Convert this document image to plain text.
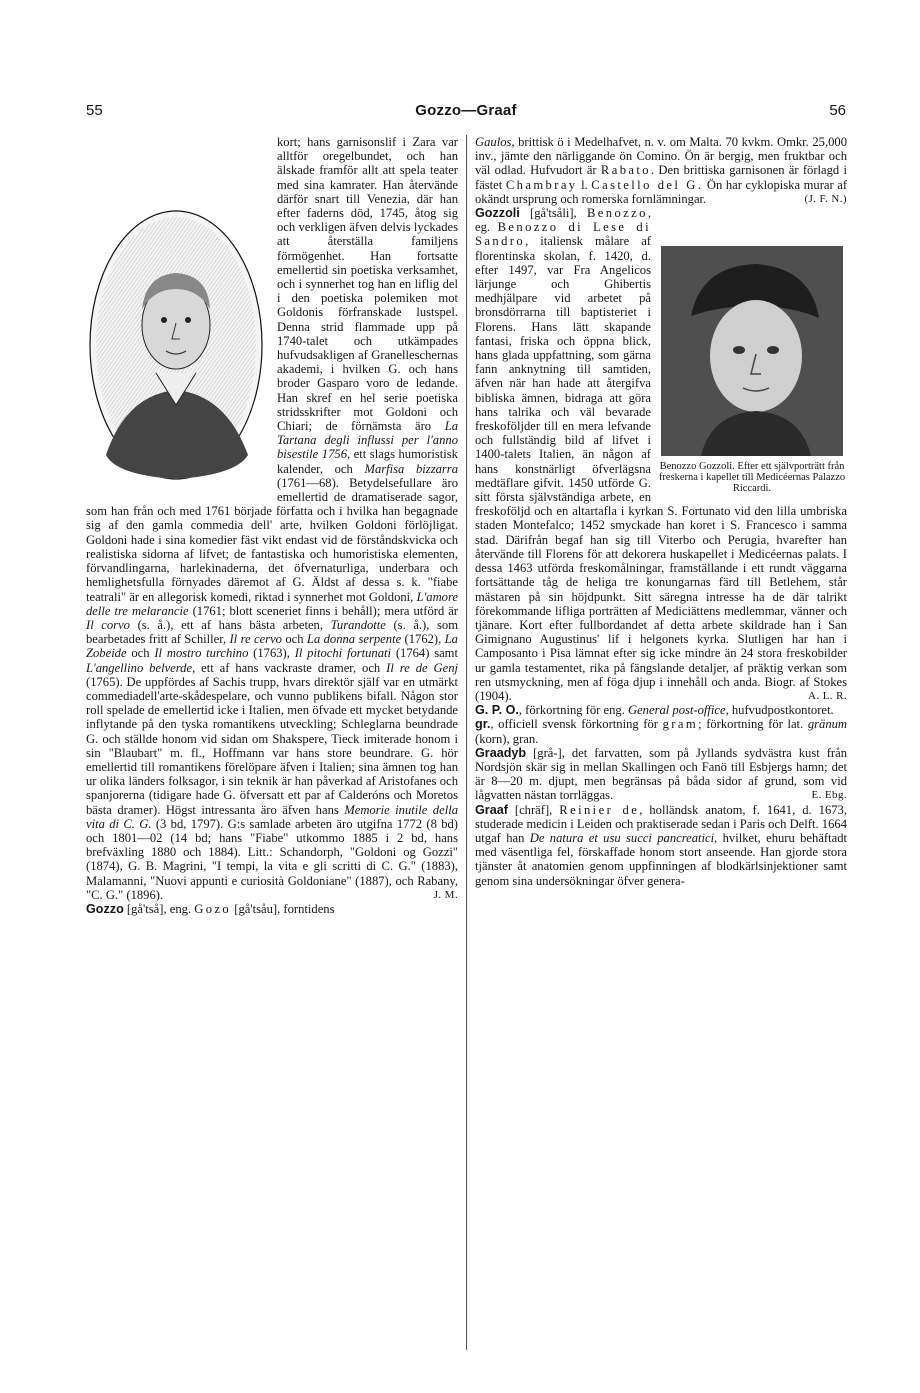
55	Gozzo—Graaf	56

kort; hans garnisonslif i Zara var alltför oregelbundet, och han älskade framför allt att spela teater med sina kamrater. Han återvände därför snart till Venezia, där han efter faderns död, 1745, åtog sig och verkligen äfven delvis lyckades att återställa familjens förmögenhet. Han fortsatte emellertid sin poetiska verksamhet, och i synnerhet tog han en liflig del i den poetiska polemiken mot Goldonis förfranskade lustspel. Denna strid flammade upp på 1740-talet och utkämpades hufvudsakligen af Granelleschernas akademi, i hvilken G. och hans broder Gasparo voro de ledande. Han skref en hel serie poetiska stridsskrifter mot Goldoni och Chiari; de förnämsta äro La Tartana degli influssi per l'anno bisestile 1756, ett slags humoristisk kalender, och Marfisa bizzarra (1761—68). Betydelsefullare äro emellertid de dramatiserade sagor, som han från och med 1761 började författa och i hvilka han begagnade sig af den gamla commedia dell' arte, hvilken Goldoni förlöjligat. Goldoni hade i sina komedier fäst vikt endast vid de förståndskvicka och realistiska sidorna af lifvet; de fantastiska och humoristiska elementen, förvandlingarna, harlekinaderna, det öfvernaturliga, underbara och hemlighetsfulla förnyades däremot af G. Äldst af dessa s. k. "fiabe teatrali" är en allegorisk komedi, riktad i synnerhet mot Goldoni, L'amore delle tre melarancie (1761; blott sceneriet finns i behåll); mera utförd är Il corvo (s. å.), ett af hans bästa arbeten, Turandotte (s. å.), som bearbetades fritt af Schiller, Il re cervo och La donna serpente (1762), La Zobeide och Il mostro turchino (1763), Il pitochi fortunati (1764) samt L'angellino belverde, ett af hans vackraste dramer, och Il re de Genj (1765). De uppfördes af Sachis trupp, hvars direktör själf var en utmärkt commediadell'arte-skådespelare, och vunno publikens bifall. Någon stor roll spelade de emellertid icke i Italien, men öfvade ett mycket betydande inflytande på den tyska romantikens utveckling; Schleglarna beundrade G. och ställde honom vid sidan om Shakspere, Tieck imiterade honom i sin "Blaubart" m. fl., Hoffmann var hans store beundrare. G. hör emellertid till romantikens förelöpare äfven i Italien; sina ämnen tog han ur olika länders folksagor, i sin teknik är han påverkad af Aristofanes och spanjorerna (tidigare hade G. öfversatt ett par af Calderóns och Moretos bästa dramer). Högst intressanta äro äfven hans Memorie inutile della vita di C. G. (3 bd, 1797). G:s samlade arbeten äro utgifna 1772 (8 bd) och 1801—02 (14 bd; hans "Fiabe" utkommo 1885 i 2 bd, hans brefväxling 1880 och 1884). Litt.: Schandorph, "Goldoni og Gozzi" (1874), G. B. Magrini, "I tempi, la vita e gli scritti di C. G." (1883), Malamanni, "Nuovi appunti e curiosità Goldoniane" (1887), och Rabany, "C. G." (1896).	J. M.

Gozzo [gå'tså], eng. Gozo [gå'tsåu], forntidens

Gaulos, brittisk ö i Medelhafvet, n. v. om Malta. 70 kvkm. Omkr. 25,000 inv., jämte den närliggande ön Comino. Ön är bergig, men fruktbar och väl odlad. Hufvudort är Rabato. Den brittiska garnisonen är förlagd i fästet Chambray l. Castello del G. Ön har cyklopiska murar af okändt ursprung och romerska fornlämningar.	(J. F. N.)

Benozzo Gozzoli. Efter ett självporträtt från freskerna i kapellet till Medicéernas Palazzo Riccardi.
Gozzoli [gå'tsåli], Benozzo, eg. Benozzo di Lese di Sandro, italiensk målare af florentinska skolan, f. 1420, d. efter 1497, var Fra Angelicos lärjunge och Ghibertis medhjälpare vid arbetet på bronsdörrarna till baptisteriet i Florens. Hans lätt skapande fantasi, friska och öppna blick, hans glada uppfattning, som gärna fann anknytning till samtiden, äfven när han hade att återgifva bibliska ämnen, bidraga att göra hans talrika och väl bevarade freskoföljder till en mera lefvande och fullständig bild af lifvet i 1400-talets Italien, än någon af hans konstnärligt öfverlägsna medtäflare gifvit. 1450 utförde G. sitt första självständiga arbete, en freskoföljd och en altartafla i kyrkan S. Fortunato vid den lilla umbriska staden Montefalco; 1452 smyckade han koret i S. Francesco i samma stad. Därifrån begaf han sig till Viterbo och Perugia, hvarefter han återvände till Florens för att dekorera huskapellet i Medicéernas palats. I dessa 1463 utförda freskomålningar, framställande i ett rundt väggarna fortsättande tåg de heliga tre konungarnas färd till Betlehem, står mästaren på sin höjdpunkt. Sitt säregna intresse ha de där talrikt förekommande lifliga porträtten af Mediciättens medlemmar, vänner och tjänare. Kort efter fullbordandet af detta arbete skildrade han i San Gimignano Augustinus' lif i helgonets kyrka. Slutligen har han i Camposanto i Pisa lämnat efter sig icke mindre än 24 stora freskobilder ur gamla testamentet, rika på fängslande detaljer, af präktig verkan som ren utsmyckning, men af föga djup i innehåll och anda. Biogr. af Stokes (1904).	A. L. R.

G. P. O., förkortning för eng. General post-office, hufvudpostkontoret.

gr., officiell svensk förkortning för gram; förkortning för lat. gränum (korn), gran.

Graadyb [grå-], det farvatten, som på Jyllands sydvästra kust från Nordsjön skär sig in mellan Skallingen och Fanö till Esbjergs hamn; det är 8—20 m. djupt, men begränsas på båda sidor af grund, som vid lågvatten nästan torrläggas.	E. Ebg.

Graaf [chräf], Reinier de, holländsk anatom, f. 1641, d. 1673, studerade medicin i Leiden och praktiserade sedan i Paris och Delft. 1664 utgaf han De natura et usu succi pancreatici, hvilket, ehuru behäftadt med väsentliga fel, förskaffade honom stort anseende. Han gjorde stora tjänster åt anatomien genom uppfinningen af blodkärlsinjektioner samt genom sina undersökningar öfver genera-
